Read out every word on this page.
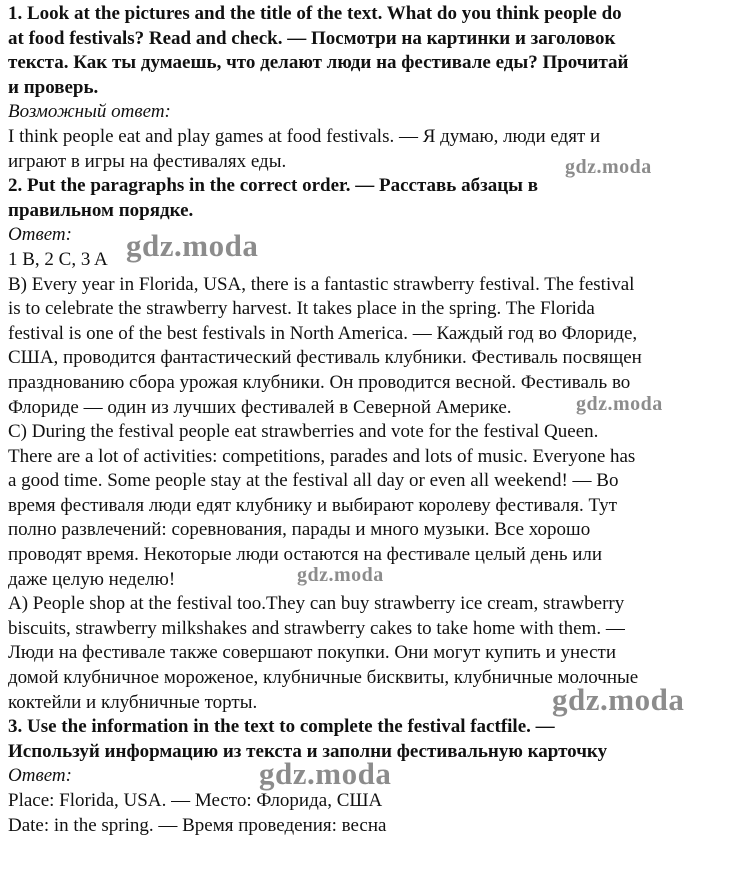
1. Look at the pictures and the title of the text. What do you think people do
at food festivals? Read and check. — Посмотри на картинки и заголовок
текста. Как ты думаешь, что делают люди на фестивале еды? Прочитай
и проверь.
Возможный ответ:
I think people eat and play games at food festivals. — Я думаю, люди едят и
играют в игры на фестивалях еды.
2. Put the paragraphs in the correct order. — Расставь абзацы в
правильном порядке.
Ответ:
1 B, 2 C, 3 A
B) Every year in Florida, USA, there is a fantastic strawberry festival. The festival
is to celebrate the strawberry harvest. It takes place in the spring. The Florida
festival is one of the best festivals in North America. — Каждый год во Флориде,
США, проводится фантастический фестиваль клубники. Фестиваль посвящен
празднованию сбора урожая клубники. Он проводится весной. Фестиваль во
Флориде — один из лучших фестивалей в Северной Америке.
C) During the festival people eat strawberries and vote for the festival Queen.
There are a lot of activities: competitions, parades and lots of music. Everyone has
a good time. Some people stay at the festival all day or even all weekend! — Во
время фестиваля люди едят клубнику и выбирают королеву фестиваля. Тут
полно развлечений: соревнования, парады и много музыки. Все хорошо
проводят время. Некоторые люди остаются на фестивале целый день или
даже целую неделю!
A) People shop at the festival too.They can buy strawberry ice cream, strawberry
biscuits, strawberry milkshakes and strawberry cakes to take home with them. —
Люди на фестивале также совершают покупки. Они могут купить и унести
домой клубничное мороженое, клубничные бисквиты, клубничные молочные
коктейли и клубничные торты.
3. Use the information in the text to complete the festival factfile. —
Используй информацию из текста и заполни фестивальную карточку
Ответ:
Place: Florida, USA. — Место: Флорида, США
Date: in the spring. — Время проведения: весна
gdz.moda
gdz.moda
gdz.moda
gdz.moda
gdz.moda
gdz.moda
